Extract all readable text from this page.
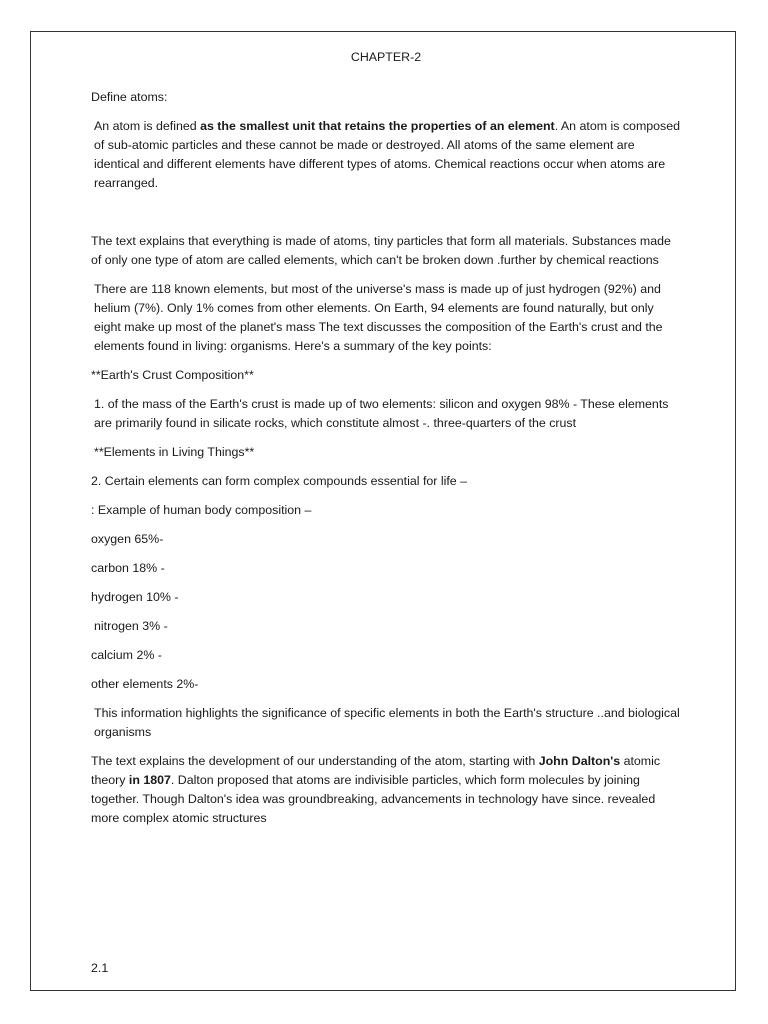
CHAPTER-2

Define atoms:

An atom is defined as the smallest unit that retains the properties of an element. An atom is composed of sub-atomic particles and these cannot be made or destroyed. All atoms of the same element are identical and different elements have different types of atoms. Chemical reactions occur when atoms are rearranged.

The text explains that everything is made of atoms, tiny particles that form all materials. Substances made of only one type of atom are called elements, which can't be broken down .further by chemical reactions

There are 118 known elements, but most of the universe's mass is made up of just hydrogen (92%) and helium (7%). Only 1% comes from other elements. On Earth, 94 elements are found naturally, but only eight make up most of the planet's mass The text discusses the composition of the Earth's crust and the elements found in living: organisms. Here's a summary of the key points:

**Earth's Crust Composition**

1. of the mass of the Earth's crust is made up of two elements: silicon and oxygen 98% - These elements are primarily found in silicate rocks, which constitute almost -. three-quarters of the crust

**Elements in Living Things**

2. Certain elements can form complex compounds essential for life –

: Example of human body composition –

oxygen 65%-

carbon 18% -

hydrogen 10% -

nitrogen 3% -

calcium 2% -

other elements 2%-

This information highlights the significance of specific elements in both the Earth's structure ..and biological organisms

The text explains the development of our understanding of the atom, starting with John Dalton's atomic theory in 1807. Dalton proposed that atoms are indivisible particles, which form molecules by joining together. Though Dalton's idea was groundbreaking, advancements in technology have since. revealed more complex atomic structures

2.1
